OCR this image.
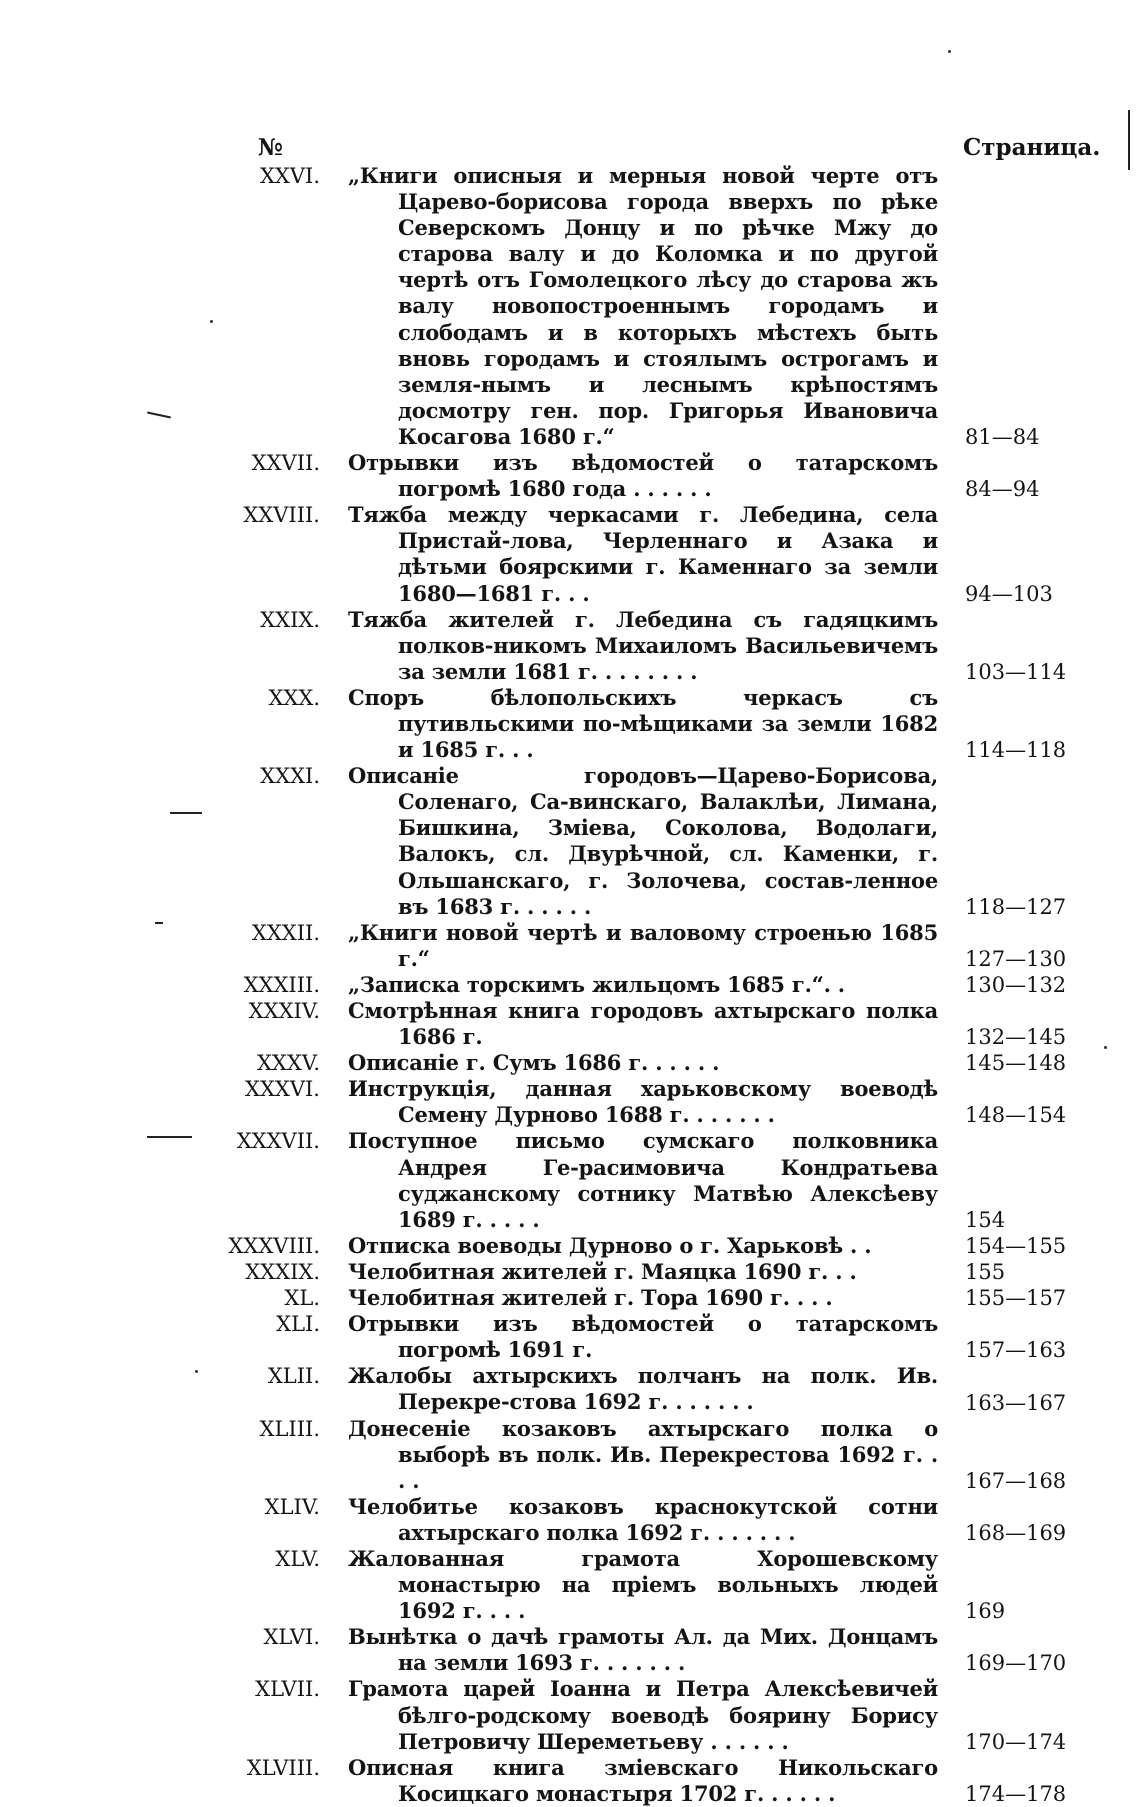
№	Страница.
XXVI. „Книги описныя и мерныя новой черте отъ Царево-борисова города вверхъ по рѣке Северскомъ Донцу и по рѣчке Мжу до старова валу и до Коломка и по другой чертѣ отъ Гомолецкого лѣсу до старова жъ валу новопостроеннымъ городамъ и слободамъ и в которыхъ мѣстехъ быть вновь городамъ и стоялымъ острогамъ и земля-нымъ и леснымъ крѣпостямъ досмотру ген. пор. Григорья Ивановича Косагова 1680 г.“	81—84
XXVII. Отрывки изъ вѣдомостей о татарскомъ погромѣ 1680 года . . . . . .	84—94
XXVIII. Тяжба между черкасами г. Лебедина, села Пристай-лова, Черленнаго и Азака и дѣтьми боярскими г. Каменнаго за земли 1680—1681 г. . .	94—103
XXIX. Тяжба жителей г. Лебедина съ гадяцкимъ полков-никомъ Михаиломъ Васильевичемъ за земли 1681 г. . . . . . . .	103—114
XXX. Споръ бѣлопольскихъ черкасъ съ путивльскими по-мѣщиками за земли 1682 и 1685 г. . .	114—118
XXXI. Описаніе городовъ—Царево-Борисова, Соленаго, Са-винскаго, Валаклѣи, Лимана, Бишкина, Зміева, Соколова, Водолаги, Валокъ, сл. Двурѣчной, сл. Каменки, г. Ольшанскаго, г. Золочева, состав-ленное въ 1683 г. . . . . .	118—127
XXXII. „Книги новой чертѣ и валовому строенью 1685 г.“	127—130
XXXIII. „Записка торскимъ жильцомъ 1685 г.“. .	130—132
XXXIV. Смотрѣнная книга городовъ ахтырскаго полка 1686 г.	132—145
XXXV. Описаніе г. Сумъ 1686 г. . . . . .	145—148
XXXVI. Инструкція, данная харьковскому воеводѣ Семену Дурново 1688 г. . . . . . .	148—154
XXXVII. Поступное письмо сумскаго полковника Андрея Ге-расимовича Кондратьева суджанскому сотнику Матвѣю Алексѣеву 1689 г. . . . .	154
XXXVIII. Отписка воеводы Дурново о г. Харьковѣ . .	154—155
XXXIX. Челобитная жителей г. Маяцка 1690 г. . .	155
XL. Челобитная жителей г. Тора 1690 г. . . .	155—157
XLI. Отрывки изъ вѣдомостей о татарскомъ погромѣ 1691 г.	157—163
XLII. Жалобы ахтырскихъ полчанъ на полк. Ив. Перекре-стова 1692 г. . . . . . .	163—167
XLIII. Донесеніе козаковъ ахтырскаго полка о выборѣ въ полк. Ив. Перекрестова 1692 г. . . .	167—168
XLIV. Челобитье козаковъ краснокутской сотни ахтырскаго полка 1692 г. . . . . . .	168—169
XLV. Жалованная грамота Хорошевскому монастырю на пріемъ вольныхъ людей 1692 г. . . .	169
XLVI. Вынѣтка о дачѣ грамоты Ал. да Мих. Донцамъ на земли 1693 г. . . . . . .	169—170
XLVII. Грамота царей Іоанна и Петра Алексѣевичей бѣлго-родскому воеводѣ боярину Борису Петровичу Шереметьеву . . . . . .	170—174
XLVIII. Описная книга зміевскаго Никольскаго Косицкаго монастыря 1702 г. . . . . .	174—178
